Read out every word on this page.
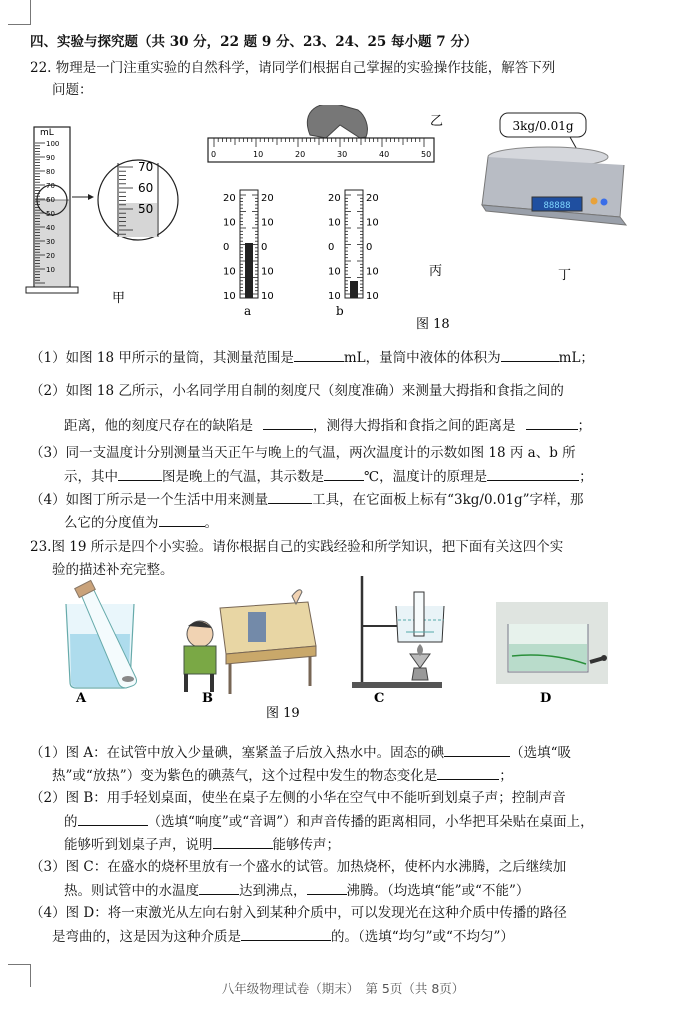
四、实验与探究题（共 30 分，22 题 9 分、23、24、25 每小题 7 分）
22. 物理是一门注重实验的自然科学，请同学们根据自己掌握的实验操作技能，解答下列
问题：
mL
100
90
80
70
60
50
40
30
20
10
70
60
50
甲
0	10	20	30	40	50
乙
20	20
10	10
0	0
10	10
10	10
20	20
10	10
0	0
10	10
10	10
a	b
丙
3kg/0.01g
88888
丁
图 18
（1）如图 18 甲所示的量筒，其测量范围是	mL，量筒中液体的体积为	mL；
（2）如图 18 乙所示，小名同学用自制的刻度尺（刻度准确）来测量大拇指和食指之间的
距离，他的刻度尺存在的缺陷是	，测得大拇指和食指之间的距离是	；
（3）同一支温度计分别测量当天正午与晚上的气温，两次温度计的示数如图 18 丙 a、b 所
示，其中	图是晚上的气温，其示数是	℃，温度计的原理是	；
（4）如图丁所示是一个生活中用来测量	工具，在它面板上标有“3kg/0.01g”字样，那
么它的分度值为	。
23.图 19 所示是四个小实验。请你根据自己的实践经验和所学知识，把下面有关这四个实
验的描述补充完整。
A	B	C	D
图 19
（1）图 A：在试管中放入少量碘，塞紧盖子后放入热水中。固态的碘	（选填“吸
热”或“放热”）变为紫色的碘蒸气，这个过程中发生的物态变化是	；
（2）图 B：用手轻划桌面，使坐在桌子左侧的小华在空气中不能听到划桌子声；控制声音
的	（选填“响度”或“音调”）和声音传播的距离相同，小华把耳朵贴在桌面上，
能够听到划桌子声，说明	能够传声；
（3）图 C：在盛水的烧杯里放有一个盛水的试管。加热烧杯，使杯内水沸腾，之后继续加
热。则试管中的水温度	达到沸点，	沸腾。（均选填“能”或“不能”）
（4）图 D：将一束激光从左向右射入到某种介质中，可以发现光在这种介质中传播的路径
是弯曲的，这是因为这种介质是	的。（选填“均匀”或“不均匀”）
八年级物理试卷（期末）　第 5页（共 8页）
